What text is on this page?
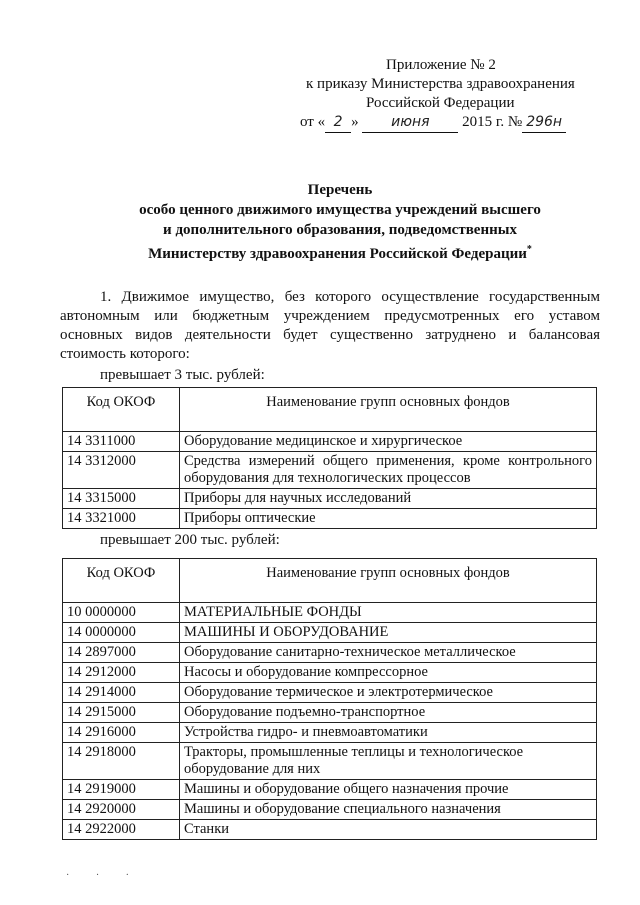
Приложение № 2
к приказу Министерства здравоохранения
Российской Федерации
от « 2 » июня 2015 г. № 296н
Перечень
особо ценного движимого имущества учреждений высшего
и дополнительного образования, подведомственных
Министерству здравоохранения Российской Федерации*
1. Движимое имущество, без которого осуществление государственным автономным или бюджетным учреждением предусмотренных его уставом основных видов деятельности будет существенно затруднено и балансовая стоимость которого:
превышает 3 тыс. рублей:
Код ОКОФ	Наименование групп основных фондов
14 3311000	Оборудование медицинское и хирургическое
14 3312000	Средства измерений общего применения, кроме контрольного оборудования для технологических процессов
14 3315000	Приборы для научных исследований
14 3321000	Приборы оптические
превышает 200 тыс. рублей:
Код ОКОФ	Наименование групп основных фондов
10 0000000	МАТЕРИАЛЬНЫЕ ФОНДЫ
14 0000000	МАШИНЫ И ОБОРУДОВАНИЕ
14 2897000	Оборудование санитарно-техническое металлическое
14 2912000	Насосы и оборудование компрессорное
14 2914000	Оборудование термическое и электротермическое
14 2915000	Оборудование подъемно-транспортное
14 2916000	Устройства гидро- и пневмоавтоматики
14 2918000	Тракторы, промышленные теплицы и технологическое оборудование для них
14 2919000	Машины и оборудование общего назначения прочие
14 2920000	Машины и оборудование специального назначения
14 2922000	Станки
· · ·
